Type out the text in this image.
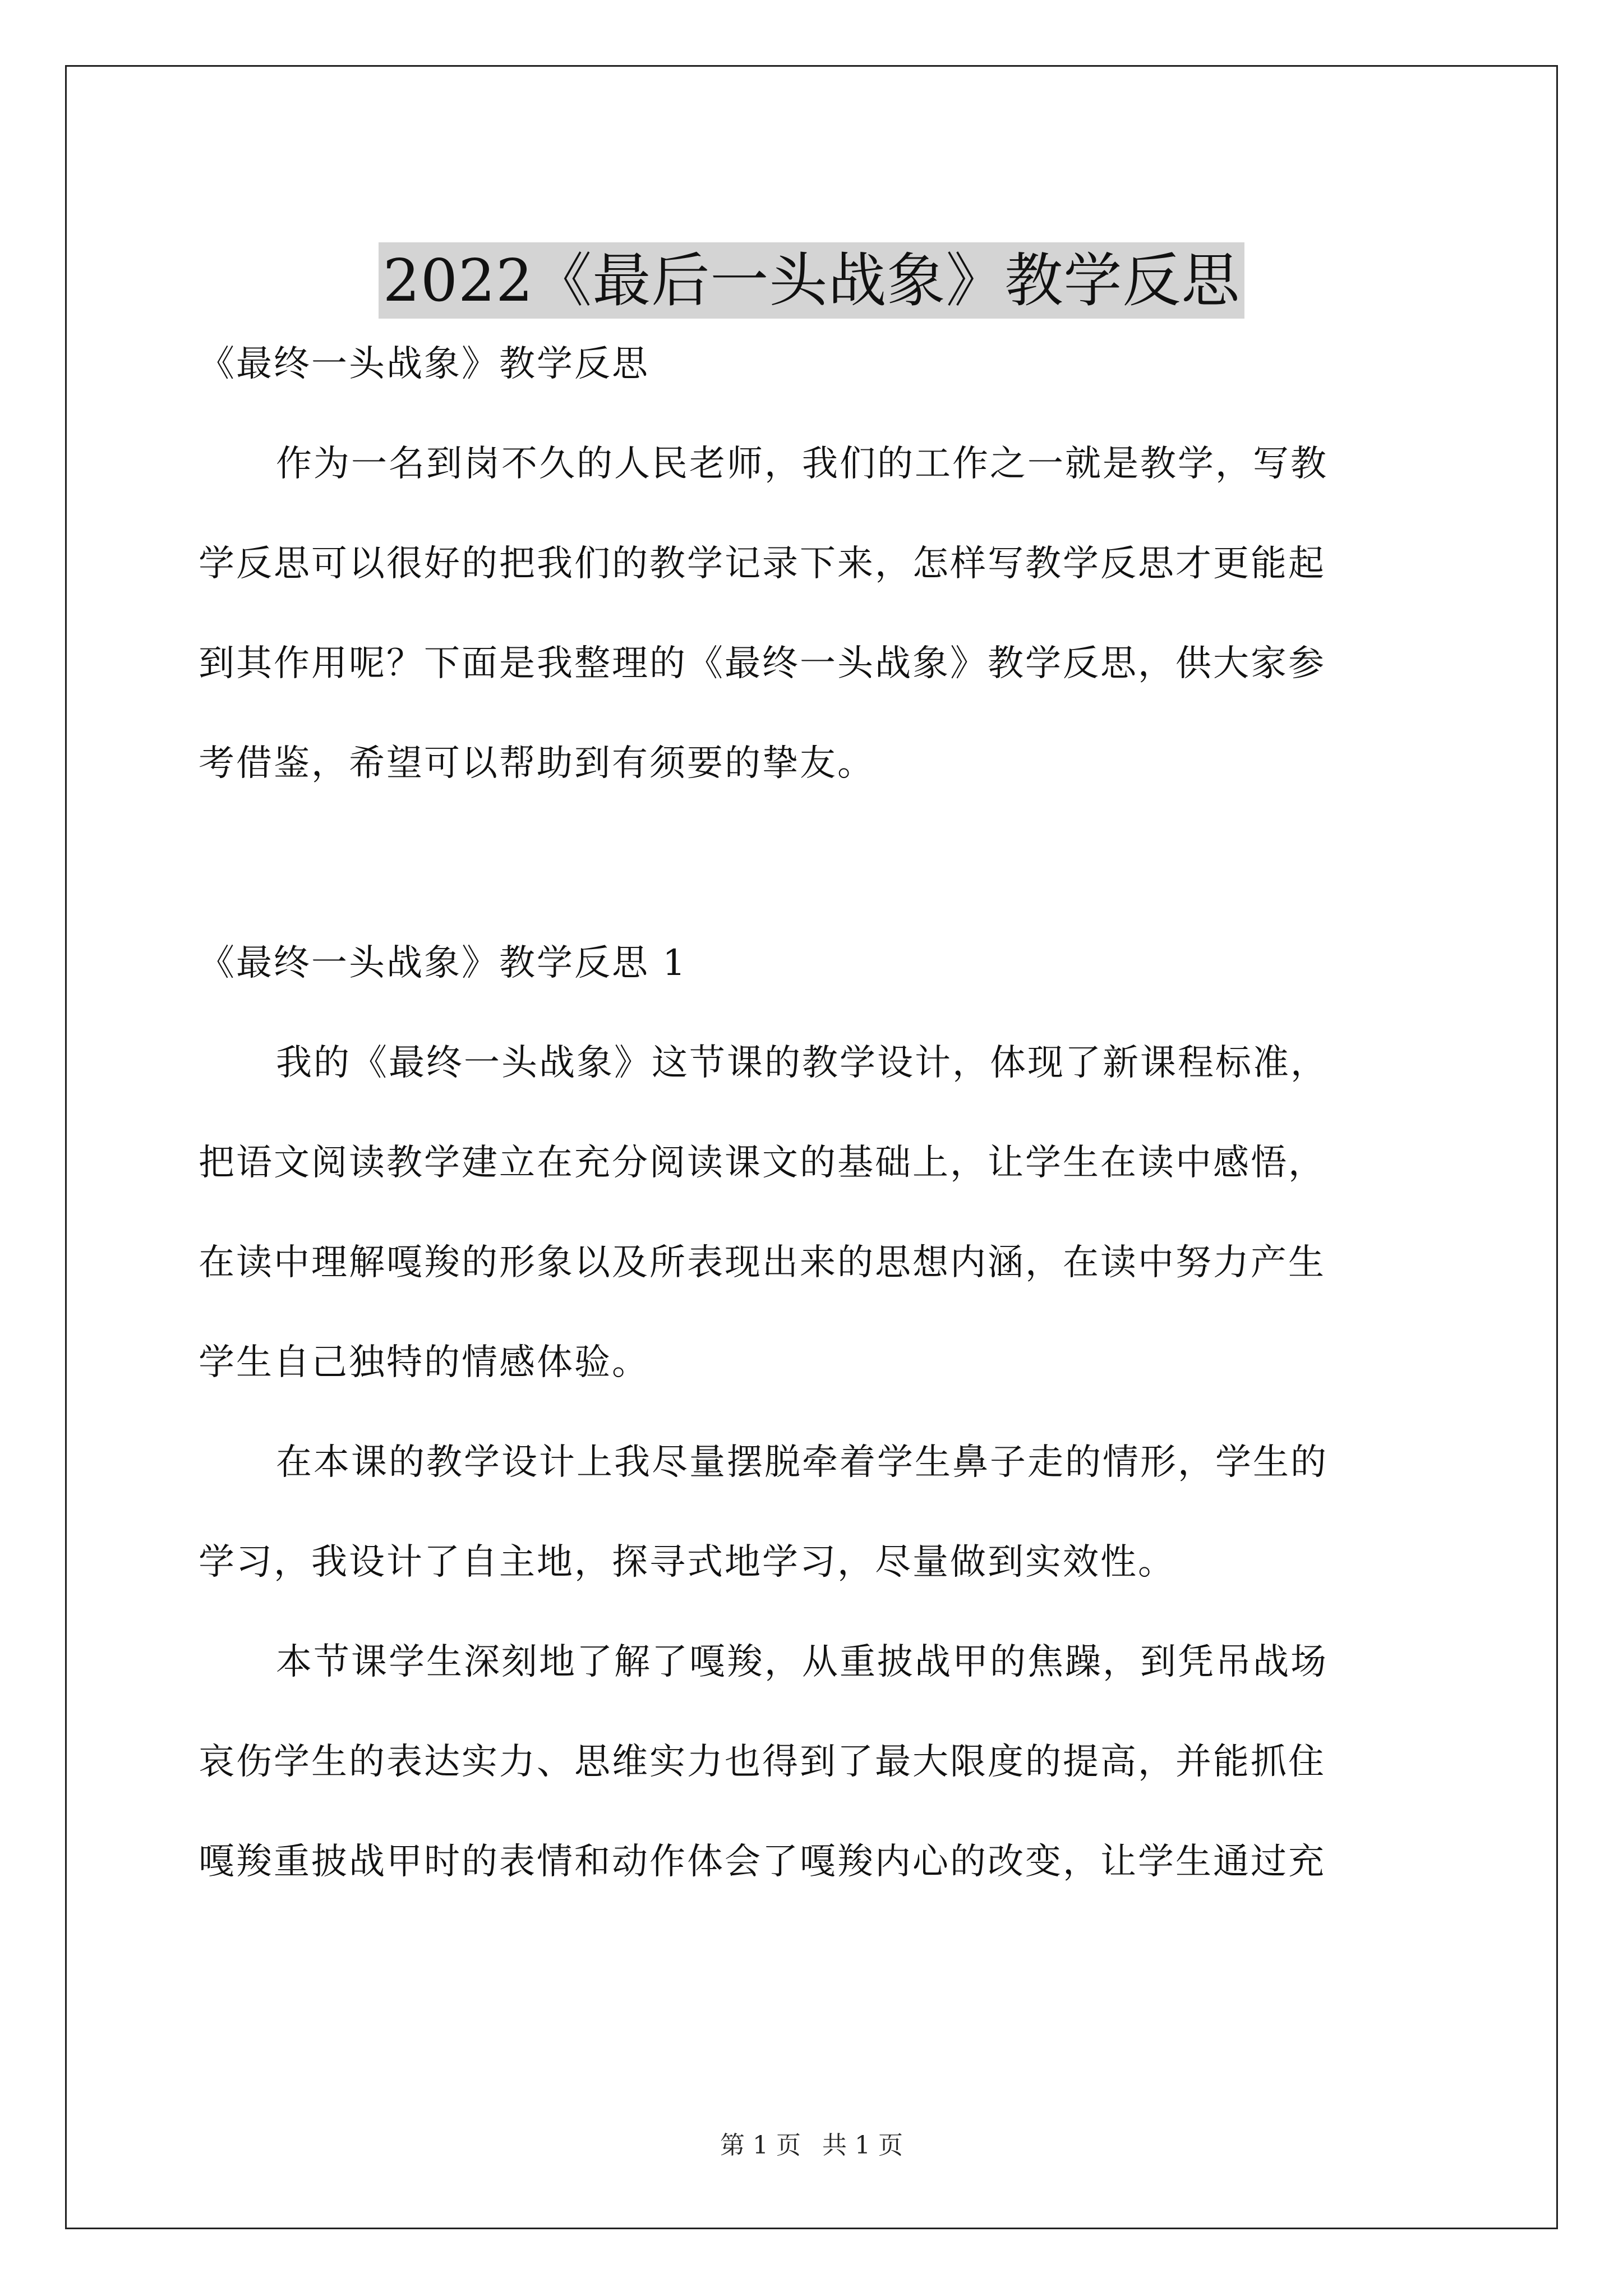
2022《最后一头战象》教学反思
《最终一头战象》教学反思
作为一名到岗不久的人民老师，我们的工作之一就是教学，写教
学反思可以很好的把我们的教学记录下来，怎样写教学反思才更能起
到其作用呢？下面是我整理的《最终一头战象》教学反思，供大家参
考借鉴，希望可以帮助到有须要的挚友。
《最终一头战象》教学反思 1
我的《最终一头战象》这节课的教学设计，体现了新课程标准，
把语文阅读教学建立在充分阅读课文的基础上，让学生在读中感悟，
在读中理解嘎羧的形象以及所表现出来的思想内涵，在读中努力产生
学生自己独特的情感体验。
在本课的教学设计上我尽量摆脱牵着学生鼻子走的情形，学生的
学习，我设计了自主地，探寻式地学习，尽量做到实效性。
本节课学生深刻地了解了嘎羧，从重披战甲的焦躁，到凭吊战场
哀伤学生的表达实力、思维实力也得到了最大限度的提高，并能抓住
嘎羧重披战甲时的表情和动作体会了嘎羧内心的改变，让学生通过充
第 1 页 共 1 页
